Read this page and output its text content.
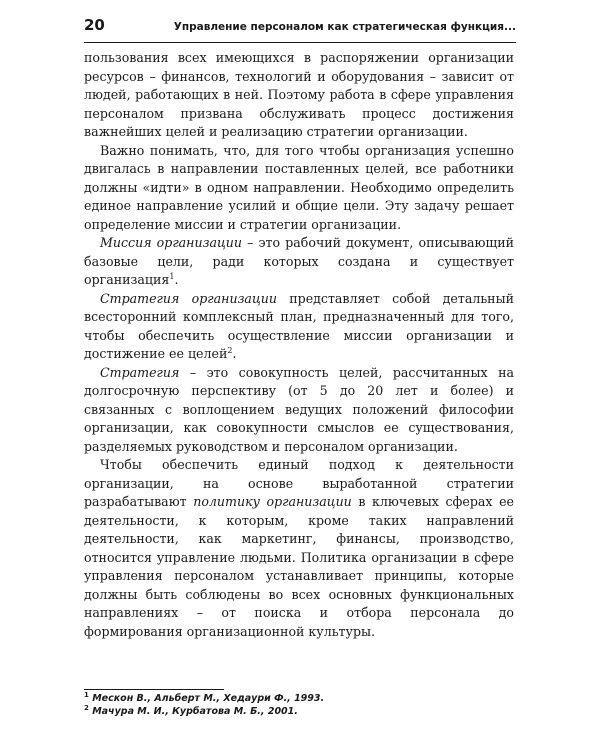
20	Управление персоналом как стратегическая функция...

пользования всех имеющихся в распоряжении организации ресурсов – финансов, технологий и оборудования – зависит от людей, работающих в ней. Поэтому работа в сфере управления персоналом призвана обслуживать процесс достижения важнейших целей и реализацию стратегии организации.

Важно понимать, что, для того чтобы организация успешно двигалась в направлении поставленных целей, все работники должны «идти» в одном направлении. Необходимо определить единое направление усилий и общие цели. Эту задачу решает определение миссии и стратегии организации.

Миссия организации – это рабочий документ, описывающий базовые цели, ради которых создана и существует организация$^1$.

Стратегия организации представляет собой детальный всесторонний комплексный план, предназначенный для того, чтобы обеспечить осуществление миссии организации и достижение ее целей$^2$.

Стратегия – это совокупность целей, рассчитанных на долгосрочную перспективу (от 5 до 20 лет и более) и связанных с воплощением ведущих положений философии организации, как совокупности смыслов ее существования, разделяемых руководством и персоналом организации.

Чтобы обеспечить единый подход к деятельности организации, на основе выработанной стратегии разрабатывают политику организации в ключевых сферах ее деятельности, к которым, кроме таких направлений деятельности, как маркетинг, финансы, производство, относится управление людьми. Политика организации в сфере управления персоналом устанавливает принципы, которые должны быть соблюдены во всех основных функциональных направлениях – от поиска и отбора персонала до формирования организационной культуры.

$^1$ Мескон В., Альберт М., Хедаури Ф., 1993.
$^2$ Мачура М. И., Курбатова М. Б., 2001.
